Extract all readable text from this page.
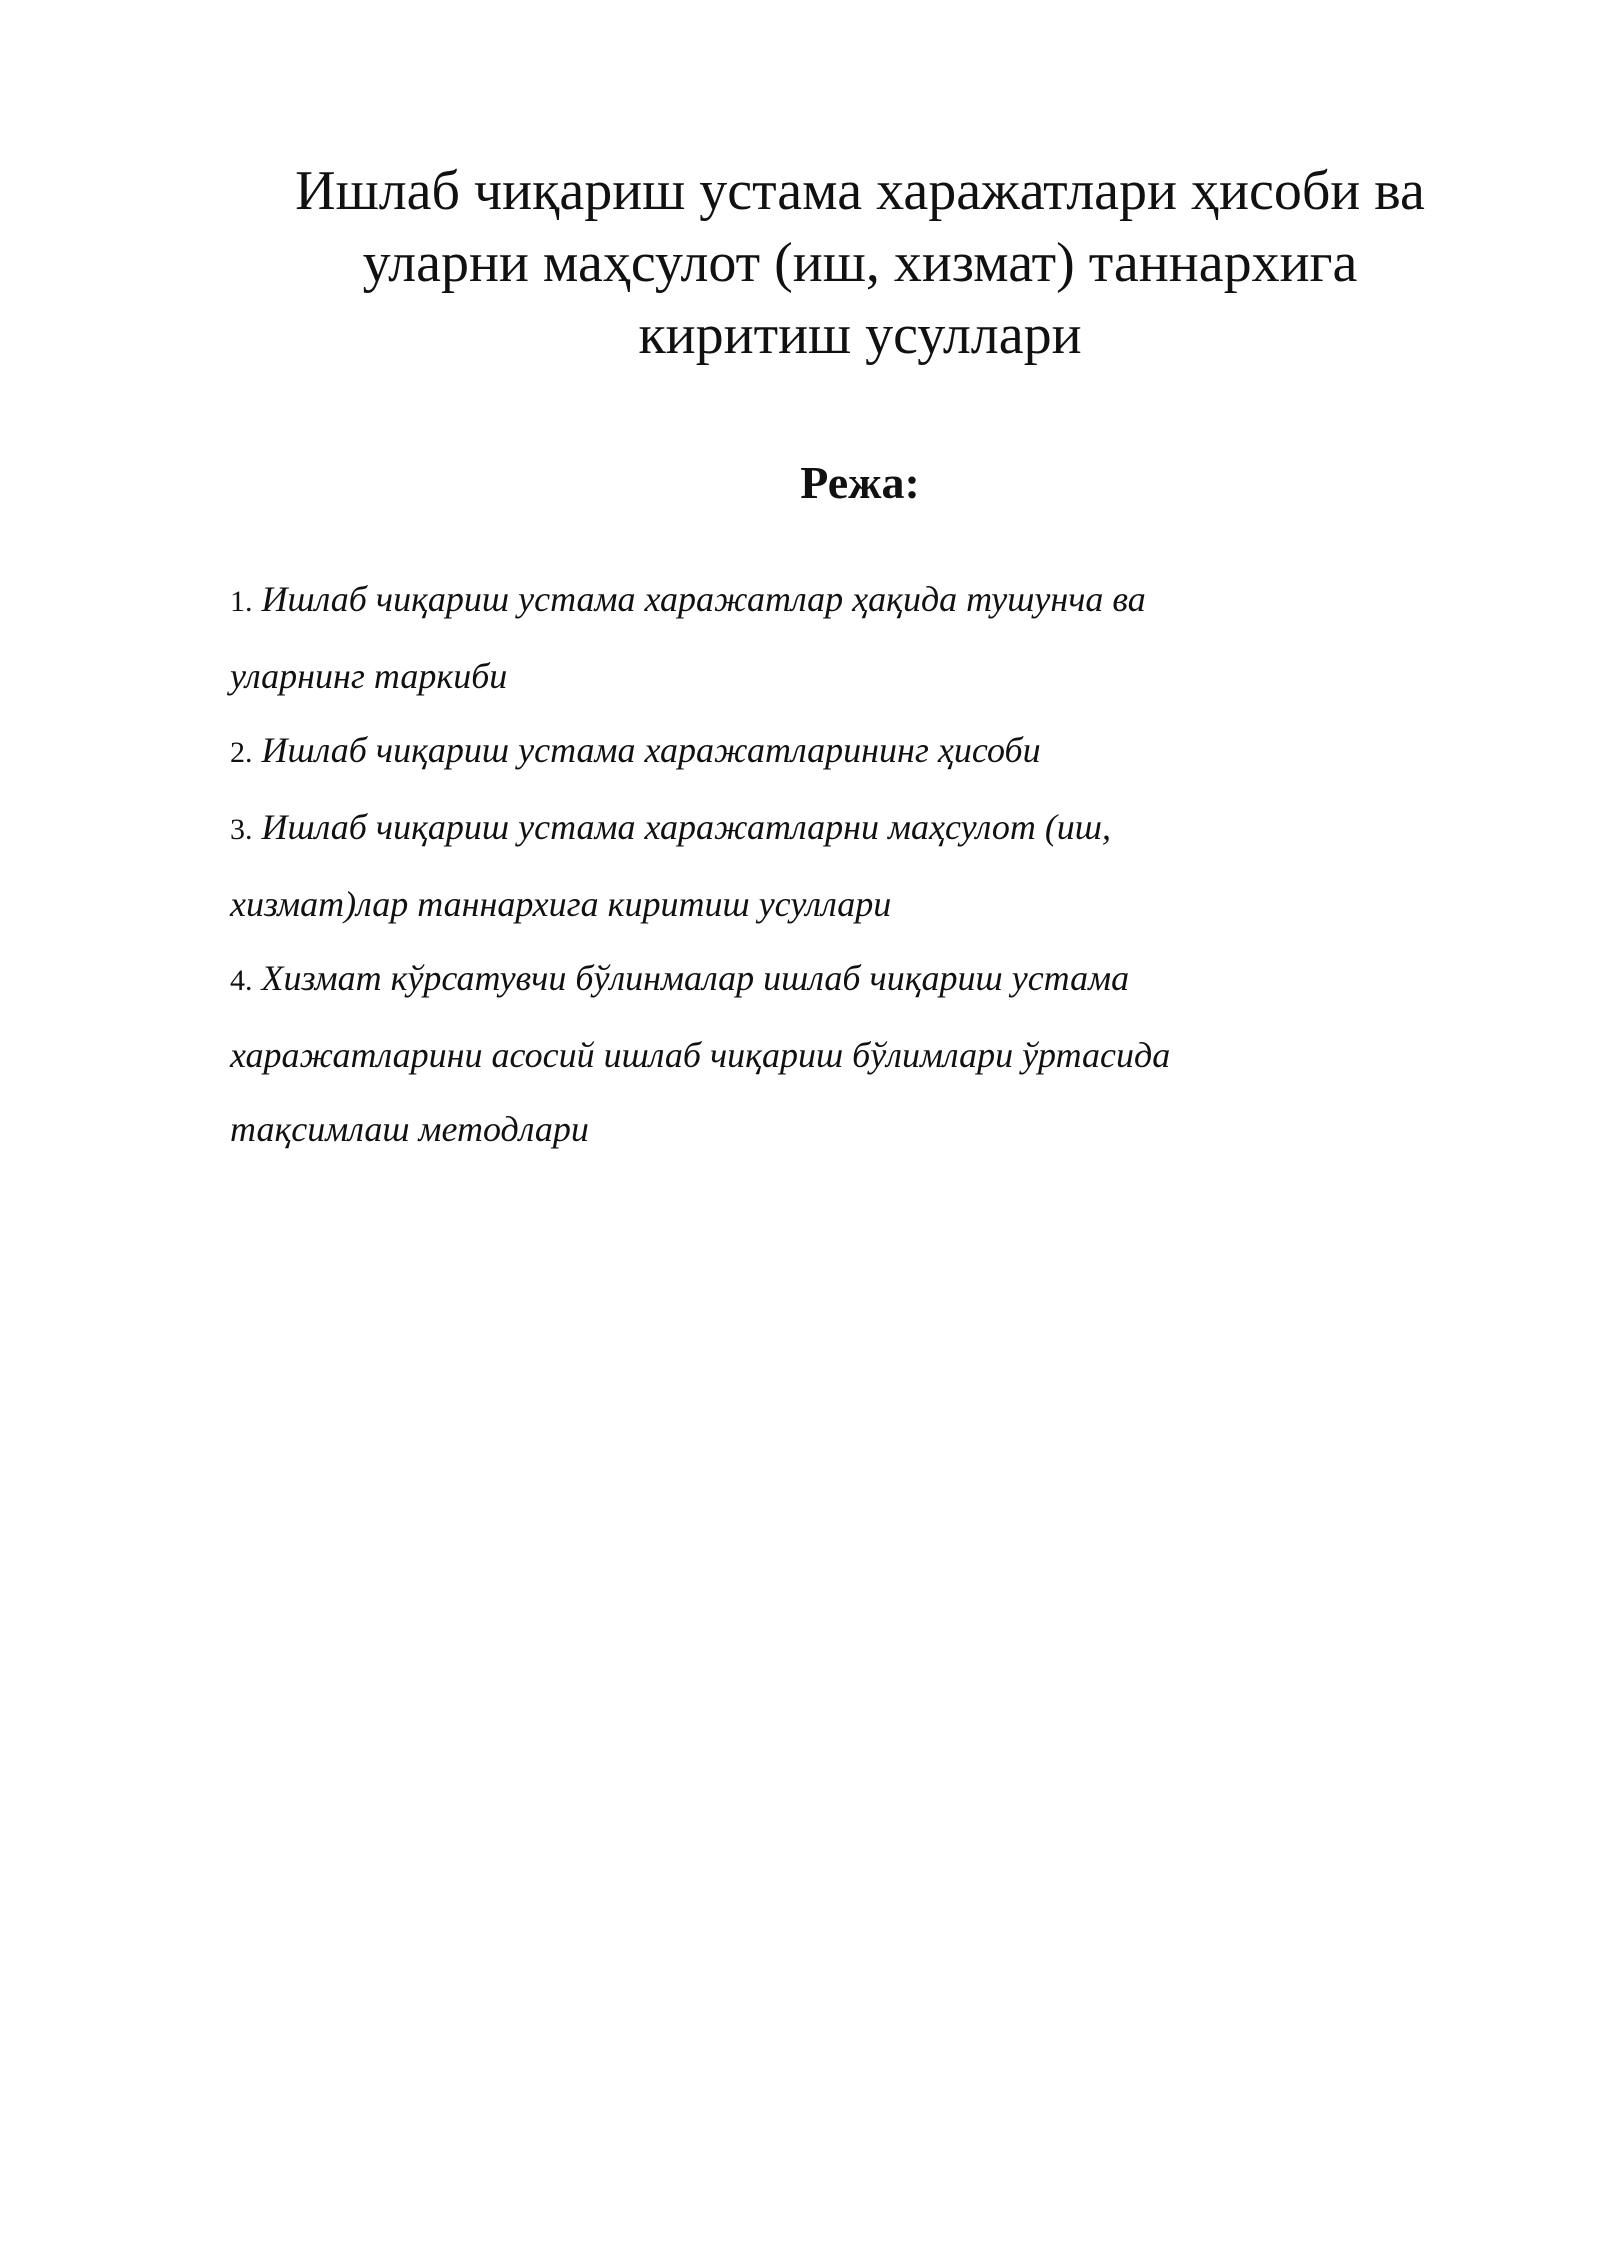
Ишлаб чиқариш устама харажатлари ҳисоби ва
уларни маҳсулот (иш, хизмат) таннархига
киритиш усуллари
Режа:
1. Ишлаб чиқариш устама харажатлар ҳақида тушунча ва
уларнинг таркиби
2. Ишлаб чиқариш устама харажатларининг ҳисоби
3. Ишлаб чиқариш устама харажатларни маҳсулот (иш,
хизмат)лар таннархига киритиш усуллари
4. Хизмат кўрсатувчи бўлинмалар ишлаб чиқариш устама
харажатларини асосий ишлаб чиқариш бўлимлари ўртасида
тақсимлаш методлари
